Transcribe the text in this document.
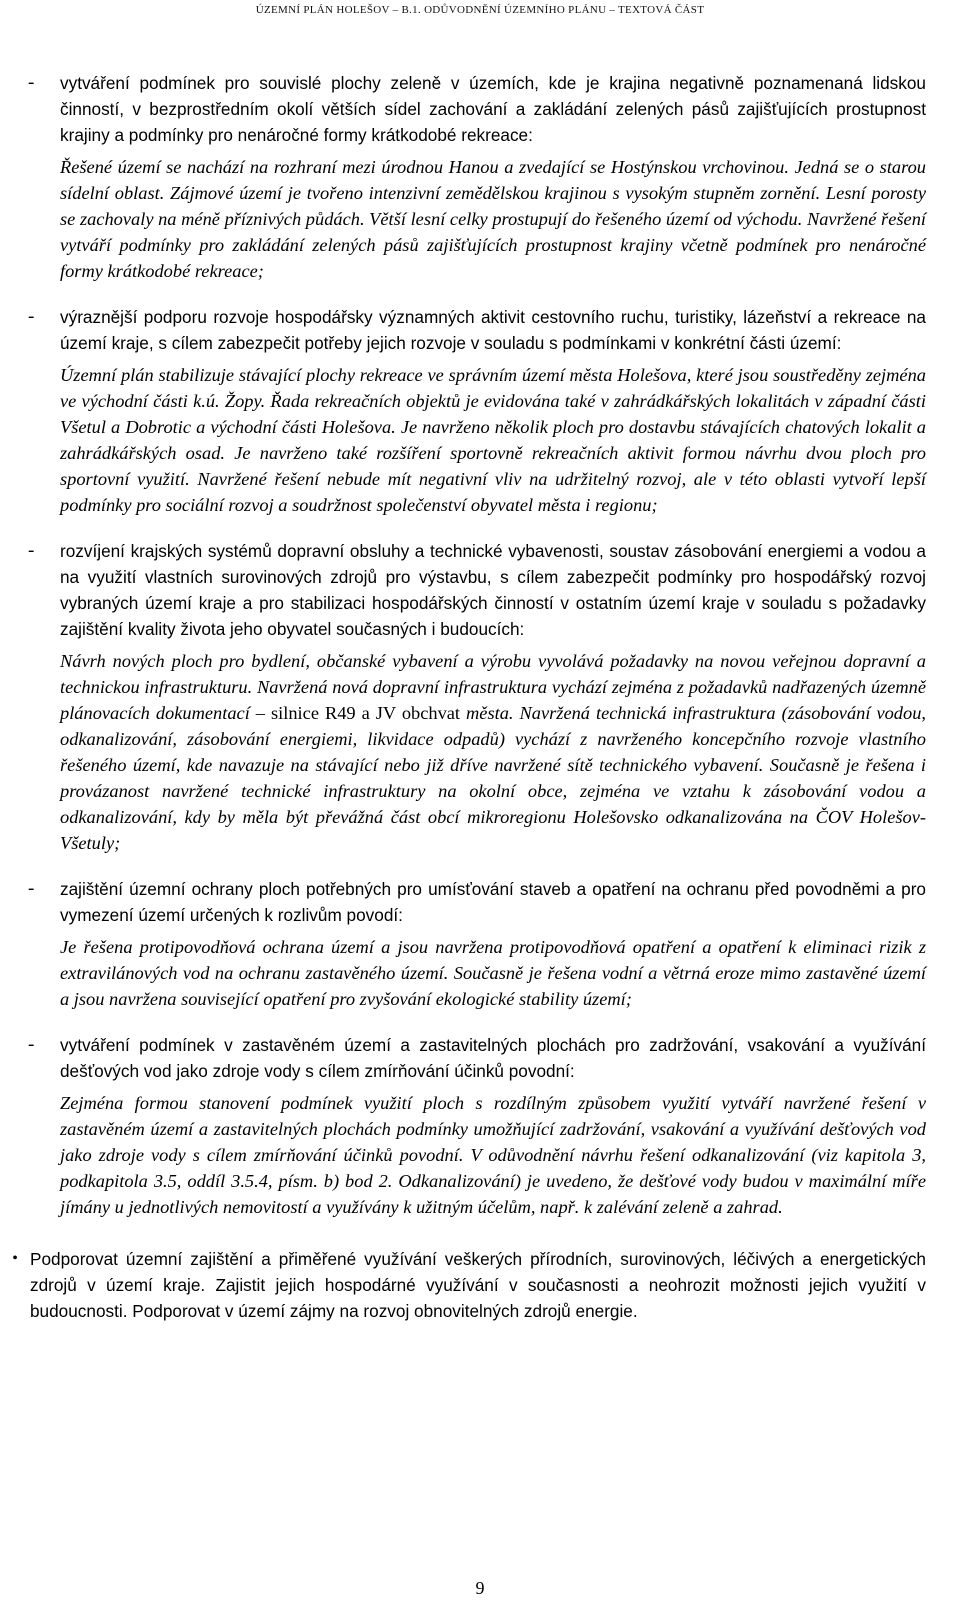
ÚZEMNÍ PLÁN HOLEŠOV – B.1. ODŮVODNĚNÍ ÚZEMNÍHO PLÁNU – TEXTOVÁ ČÁST
-	vytváření podmínek pro souvislé plochy zeleně v územích, kde je krajina negativně poznamenaná lidskou činností, v bezprostředním okolí větších sídel zachování a zakládání zelených pásů zajišťujících prostupnost krajiny a podmínky pro nenáročné formy krátkodobé rekreace:

Řešené území se nachází na rozhraní mezi úrodnou Hanou a zvedající se Hostýnskou vrchovinou. Jedná se o starou sídelní oblast. Zájmové území je tvořeno intenzivní zemědělskou krajinou s vysokým stupněm zornění. Lesní porosty se zachovaly na méně příznivých půdách. Větší lesní celky prostupují do řešeného území od východu. Navržené řešení vytváří podmínky pro zakládání zelených pásů zajišťujících prostupnost krajiny včetně podmínek pro nenáročné formy krátkodobé rekreace;

-	výraznější podporu rozvoje hospodářsky významných aktivit cestovního ruchu, turistiky, lázeňství a rekreace na území kraje, s cílem zabezpečit potřeby jejich rozvoje v souladu s podmínkami v konkrétní části území:

Územní plán stabilizuje stávající plochy rekreace ve správním území města Holešova, které jsou soustředěny zejména ve východní části k.ú. Žopy. Řada rekreačních objektů je evidována také v zahrádkářských lokalitách v západní části Všetul a Dobrotic a východní části Holešova. Je navrženo několik ploch pro dostavbu stávajících chatových lokalit a zahrádkářských osad. Je navrženo také rozšíření sportovně rekreačních aktivit formou návrhu dvou ploch pro sportovní využití. Navržené řešení nebude mít negativní vliv na udržitelný rozvoj, ale v této oblasti vytvoří lepší podmínky pro sociální rozvoj a soudržnost společenství obyvatel města i regionu;

-	rozvíjení krajských systémů dopravní obsluhy a technické vybavenosti, soustav zásobování energiemi a vodou a na využití vlastních surovinových zdrojů pro výstavbu, s cílem zabezpečit podmínky pro hospodářský rozvoj vybraných území kraje a pro stabilizaci hospodářských činností v ostatním území kraje v souladu s požadavky zajištění kvality života jeho obyvatel současných i budoucích:

Návrh nových ploch pro bydlení, občanské vybavení a výrobu vyvolává požadavky na novou veřejnou dopravní a technickou infrastrukturu. Navržená nová dopravní infrastruktura vychází zejména z požadavků nadřazených územně plánovacích dokumentací – silnice R49 a JV obchvat města. Navržená technická infrastruktura (zásobování vodou, odkanalizování, zásobování energiemi, likvidace odpadů) vychází z navrženého koncepčního rozvoje vlastního řešeného území, kde navazuje na stávající nebo již dříve navržené sítě technického vybavení. Současně je řešena i provázanost navržené technické infrastruktury na okolní obce, zejména ve vztahu k zásobování vodou a odkanalizování, kdy by měla být převážná část obcí mikroregionu Holešovsko odkanalizována na ČOV Holešov-Všetuly;

-	zajištění územní ochrany ploch potřebných pro umísťování staveb a opatření na ochranu před povodněmi a pro vymezení území určených k rozlivům povodí:

Je řešena protipovodňová ochrana území a jsou navržena protipovodňová opatření a opatření k eliminaci rizik z extravilánových vod na ochranu zastavěného území. Současně je řešena vodní a větrná eroze mimo zastavěné území a jsou navržena související opatření pro zvyšování ekologické stability území;

-	vytváření podmínek v zastavěném území a zastavitelných plochách pro zadržování, vsakování a využívání dešťových vod jako zdroje vody s cílem zmírňování účinků povodní:

Zejména formou stanovení podmínek využití ploch s rozdílným způsobem využití vytváří navržené řešení v zastavěném území a zastavitelných plochách podmínky umožňující zadržování, vsakování a využívání dešťových vod jako zdroje vody s cílem zmírňování účinků povodní. V odůvodnění návrhu řešení odkanalizování (viz kapitola 3, podkapitola 3.5, oddíl 3.5.4, písm. b) bod 2. Odkanalizování) je uvedeno, že dešťové vody budou v maximální míře jímány u jednotlivých nemovitostí a využívány k užitným účelům, např. k zalévání zeleně a zahrad.

• Podporovat územní zajištění a přiměřené využívání veškerých přírodních, surovinových, léčivých a energetických zdrojů v území kraje. Zajistit jejich hospodárné využívání v současnosti a neohrozit možnosti jejich využití v budoucnosti. Podporovat v území zájmy na rozvoj obnovitelných zdrojů energie.

9
